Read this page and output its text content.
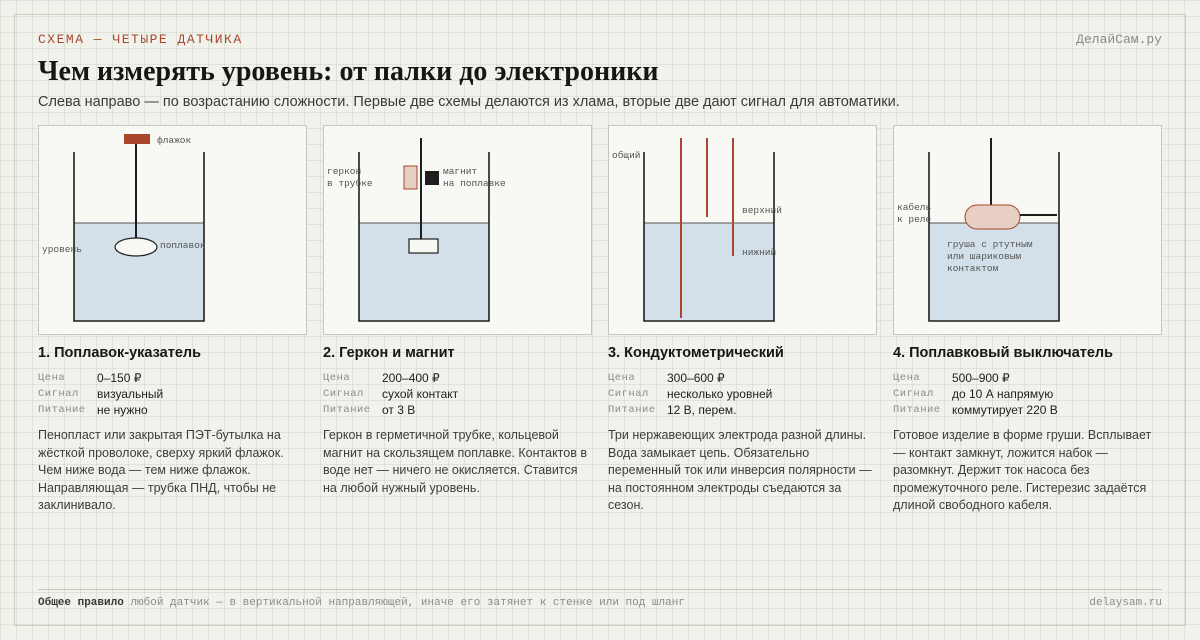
СХЕМА — ЧЕТЫРЕ ДАТЧИКА	ДелайСам.ру
Чем измерять уровень: от палки до электроники
Слева направо — по возрастанию сложности. Первые две схемы делаются из хлама, вторые две дают сигнал для автоматики.
флажок
уровень	поплавок
1. Поплавок-указатель
Цена	0–150 ₽
Сигнал	визуальный
Питание не нужно
Пенопласт или закрытая ПЭТ-бутылка на жёсткой проволоке, сверху яркий флажок. Чем ниже вода — тем ниже флажок. Направляющая — трубка ПНД, чтобы не заклинивало.
геркон
в трубке
магнит
на поплавке
2. Геркон и магнит
Цена	200–400 ₽
Сигнал	сухой контакт
Питание от 3 В
Геркон в герметичной трубке, кольцевой магнит на скользящем поплавке. Контактов в воде нет — ничего не окисляется. Ставится на любой нужный уровень.
общий
верхний
нижний
3. Кондуктометрический
Цена	300–600 ₽
Сигнал	несколько уровней
Питание 12 В, перем.
Три нержавеющих электрода разной длины. Вода замыкает цепь. Обязательно переменный ток или инверсия полярности — на постоянном электроды съедаются за сезон.
кабель
к реле
груша с ртутным
или шариковым
контактом
4. Поплавковый выключатель
Цена	500–900 ₽
Сигнал	до 10 А напрямую
Питание коммутирует 220 В
Готовое изделие в форме груши. Всплывает — контакт замкнут, ложится набок — разомкнут. Держит ток насоса без промежуточного реле. Гистерезис задаётся длиной свободного кабеля.
Общее правило любой датчик — в вертикальной направляющей, иначе его затянет к стенке или под шланг	delaysam.ru
